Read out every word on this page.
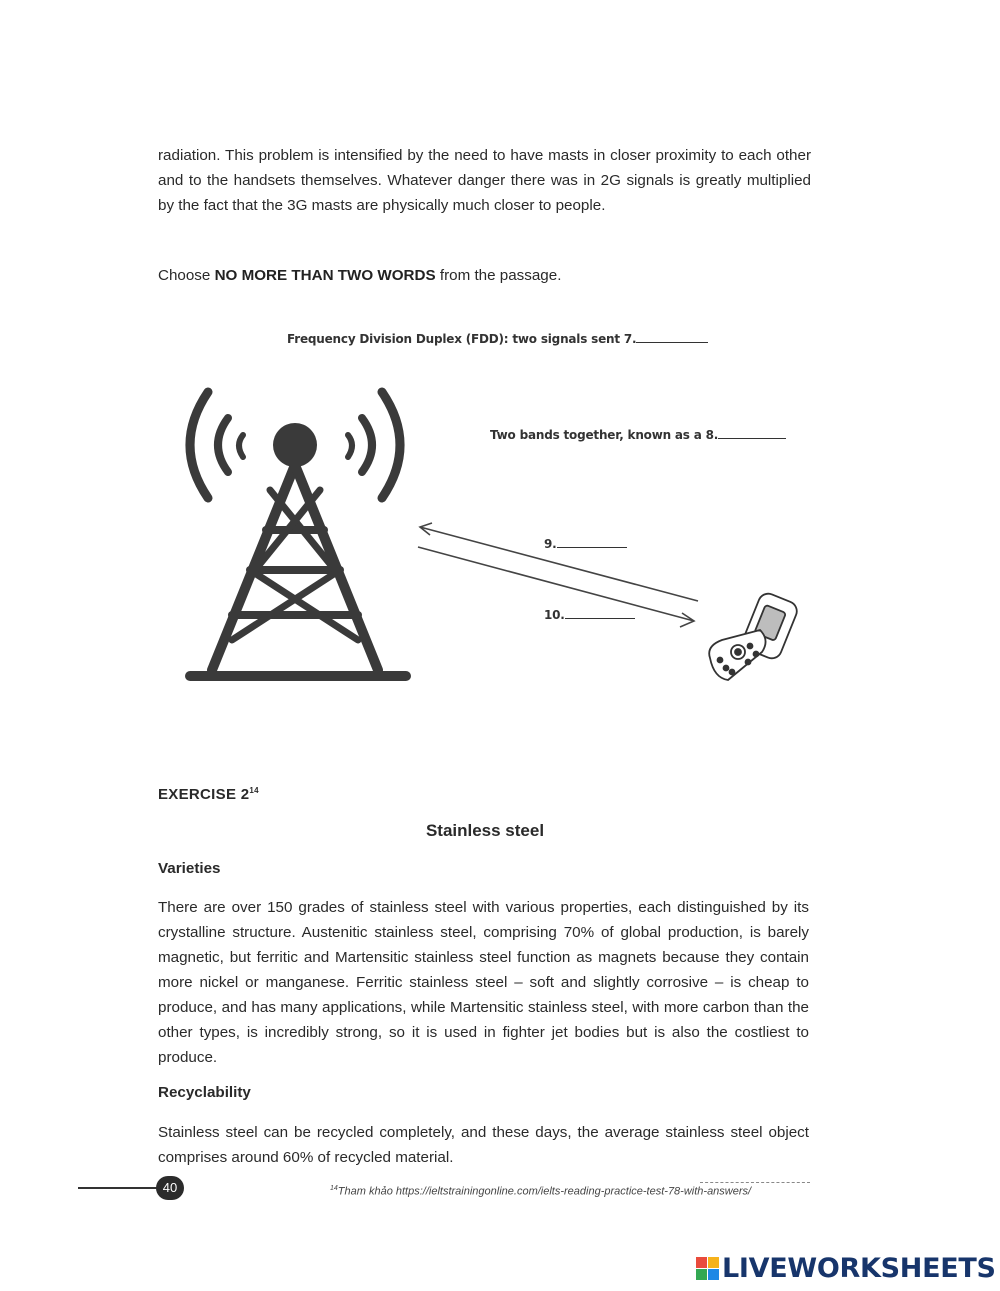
radiation. This problem is intensified by the need to have masts in closer proximity to each other and to the handsets themselves. Whatever danger there was in 2G signals is greatly multiplied by the fact that the 3G masts are physically much closer to people.
Choose NO MORE THAN TWO WORDS from the passage.
Frequency Division Duplex (FDD): two signals sent 7.
Two bands together, known as a 8.
9.
10.
EXERCISE $2^{14}$
Stainless steel
Varieties
There are over 150 grades of stainless steel with various properties, each distinguished by its crystalline structure. Austenitic stainless steel, comprising 70% of global production, is barely magnetic, but ferritic and Martensitic stainless steel function as magnets because they contain more nickel or manganese. Ferritic stainless steel – soft and slightly corrosive – is cheap to produce, and has many applications, while Martensitic stainless steel, with more carbon than the other types, is incredibly strong, so it is used in fighter jet bodies but is also the costliest to produce.
Recyclability
Stainless steel can be recycled completely, and these days, the average stainless steel object comprises around 60% of recycled material.
40	$^{14}$Tham khảo https://ieltstrainingonline.com/ielts-reading-practice-test-78-with-answers/
LIVEWORKSHEETS
